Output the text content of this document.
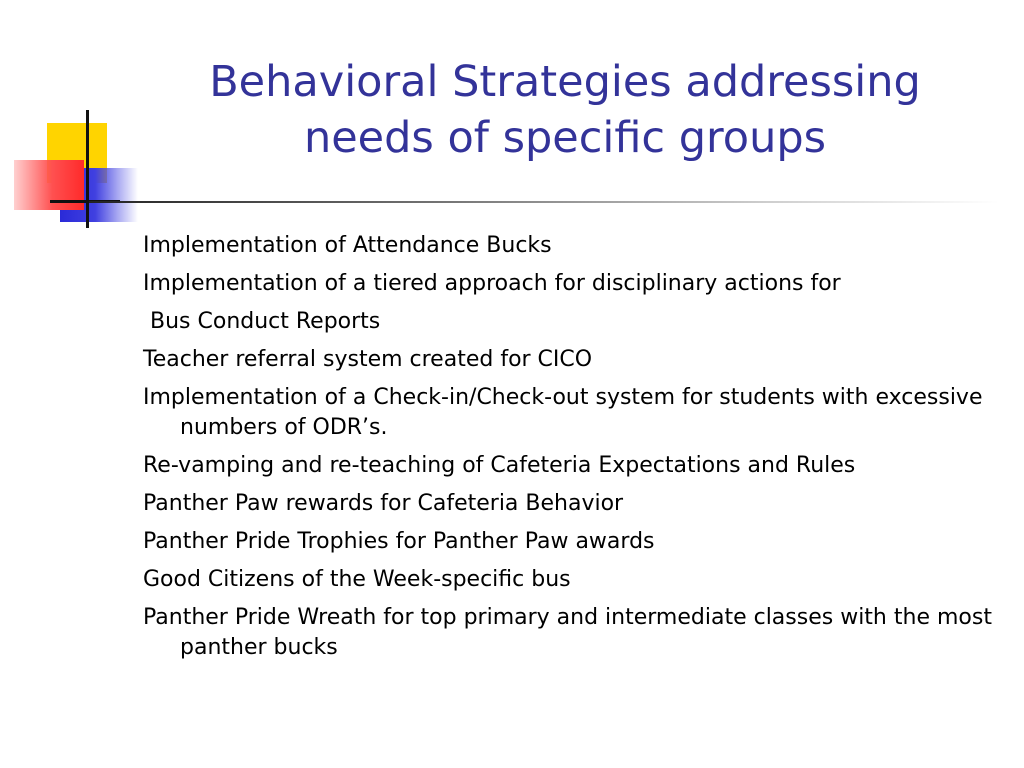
Behavioral Strategies addressing
needs of specific groups
Implementation of Attendance Bucks
Implementation of a tiered approach for disciplinary actions for
Bus Conduct Reports
Teacher referral system created for CICO
Implementation of a Check-in/Check-out system for students with excessive numbers of ODR’s.
Re-vamping and re-teaching of Cafeteria Expectations and Rules
Panther Paw rewards for Cafeteria Behavior
Panther Pride Trophies for Panther Paw awards
Good Citizens of the Week-specific bus
Panther Pride Wreath for top primary and intermediate classes with the most panther bucks
